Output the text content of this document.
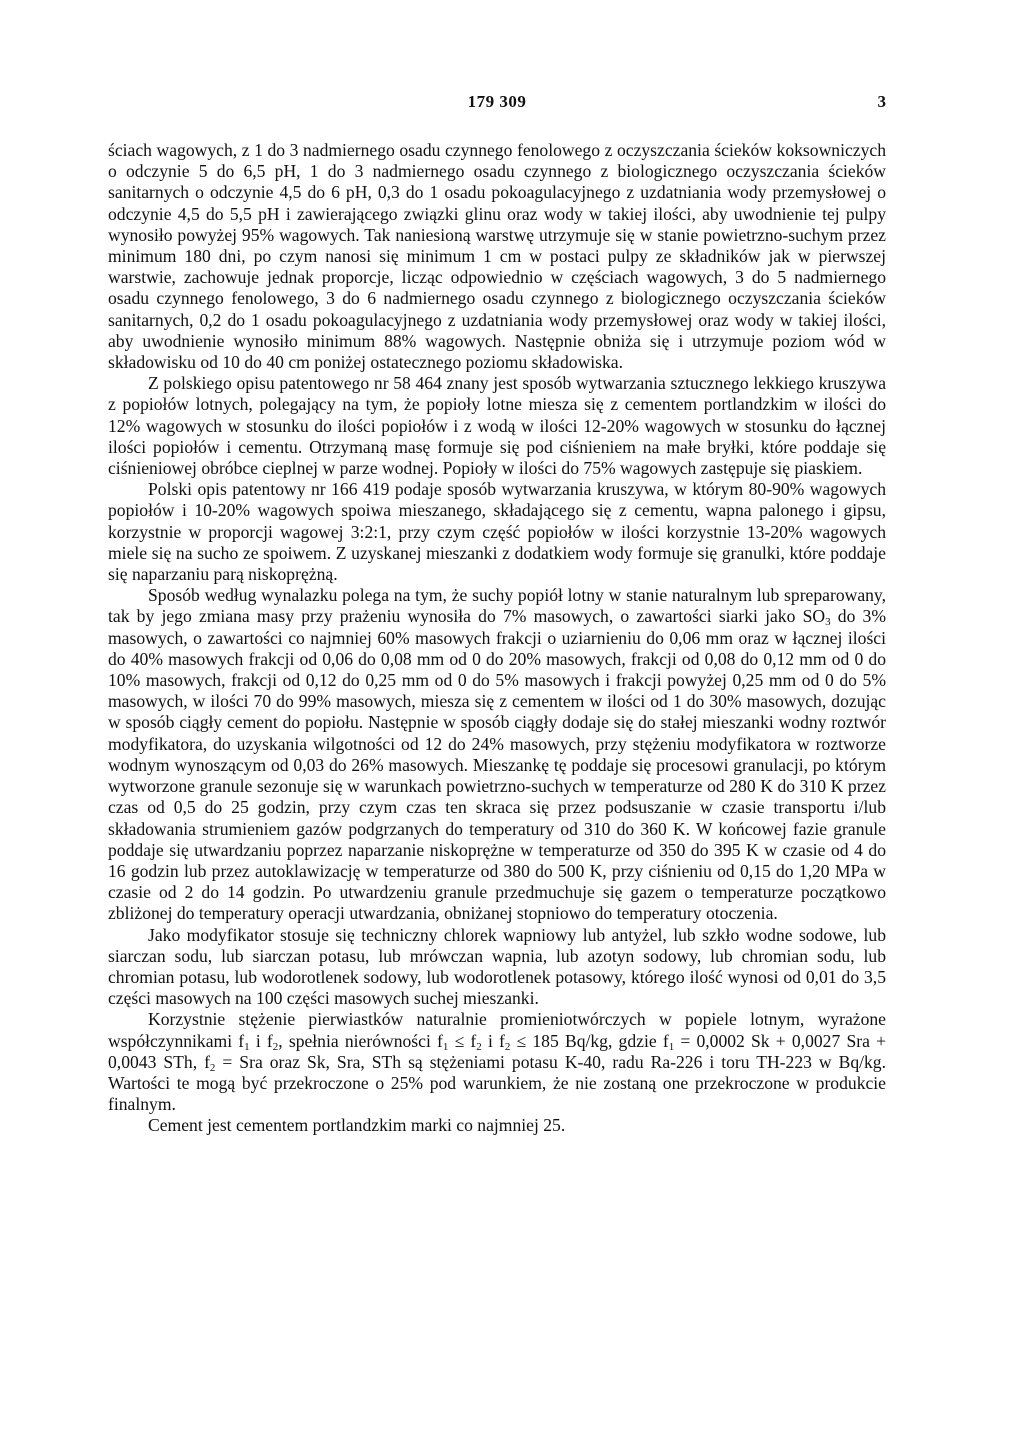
179 309	3

ściach wagowych, z 1 do 3 nadmiernego osadu czynnego fenolowego z oczyszczania ścieków koksowniczych o odczynie 5 do 6,5 pH, 1 do 3 nadmiernego osadu czynnego z biologicznego oczyszczania ścieków sanitarnych o odczynie 4,5 do 6 pH, 0,3 do 1 osadu pokoagulacyjnego z uzdatniania wody przemysłowej o odczynie 4,5 do 5,5 pH i zawierającego związki glinu oraz wody w takiej ilości, aby uwodnienie tej pulpy wynosiło powyżej 95% wagowych. Tak naniesioną warstwę utrzymuje się w stanie powietrzno-suchym przez minimum 180 dni, po czym nanosi się minimum 1 cm w postaci pulpy ze składników jak w pierwszej warstwie, zachowuje jednak proporcje, licząc odpowiednio w częściach wagowych, 3 do 5 nadmiernego osadu czynnego fenolowego, 3 do 6 nadmiernego osadu czynnego z biologicznego oczyszczania ścieków sanitarnych, 0,2 do 1 osadu pokoagulacyjnego z uzdatniania wody przemysłowej oraz wody w takiej ilości, aby uwodnienie wynosiło minimum 88% wagowych. Następnie obniża się i utrzymuje poziom wód w składowisku od 10 do 40 cm poniżej ostatecznego poziomu składowiska.

Z polskiego opisu patentowego nr 58 464 znany jest sposób wytwarzania sztucznego lekkiego kruszywa z popiołów lotnych, polegający na tym, że popioły lotne miesza się z cementem portlandzkim w ilości do 12% wagowych w stosunku do ilości popiołów i z wodą w ilości 12-20% wagowych w stosunku do łącznej ilości popiołów i cementu. Otrzymaną masę formuje się pod ciśnieniem na małe bryłki, które poddaje się ciśnieniowej obróbce cieplnej w parze wodnej. Popioły w ilości do 75% wagowych zastępuje się piaskiem.

Polski opis patentowy nr 166 419 podaje sposób wytwarzania kruszywa, w którym 80-90% wagowych popiołów i 10-20% wagowych spoiwa mieszanego, składającego się z cementu, wapna palonego i gipsu, korzystnie w proporcji wagowej 3:2:1, przy czym część popiołów w ilości korzystnie 13-20% wagowych miele się na sucho ze spoiwem. Z uzyskanej mieszanki z dodatkiem wody formuje się granulki, które poddaje się naparzaniu parą niskoprężną.

Sposób według wynalazku polega na tym, że suchy popiół lotny w stanie naturalnym lub spreparowany, tak by jego zmiana masy przy prażeniu wynosiła do 7% masowych, o zawartości siarki jako $SO_3$ do 3% masowych, o zawartości co najmniej 60% masowych frakcji o uziarnieniu do 0,06 mm oraz w łącznej ilości do 40% masowych frakcji od 0,06 do 0,08 mm od 0 do 20% masowych, frakcji od 0,08 do 0,12 mm od 0 do 10% masowych, frakcji od 0,12 do 0,25 mm od 0 do 5% masowych i frakcji powyżej 0,25 mm od 0 do 5% masowych, w ilości 70 do 99% masowych, miesza się z cementem w ilości od 1 do 30% masowych, dozując w sposób ciągły cement do popiołu. Następnie w sposób ciągły dodaje się do stałej mieszanki wodny roztwór modyfikatora, do uzyskania wilgotności od 12 do 24% masowych, przy stężeniu modyfikatora w roztworze wodnym wynoszącym od 0,03 do 26% masowych. Mieszankę tę poddaje się procesowi granulacji, po którym wytworzone granule sezonuje się w warunkach powietrzno-suchych w temperaturze od 280 K do 310 K przez czas od 0,5 do 25 godzin, przy czym czas ten skraca się przez podsuszanie w czasie transportu i/lub składowania strumieniem gazów podgrzanych do temperatury od 310 do 360 K. W końcowej fazie granule poddaje się utwardzaniu poprzez naparzanie niskoprężne w temperaturze od 350 do 395 K w czasie od 4 do 16 godzin lub przez autoklawizację w temperaturze od 380 do 500 K, przy ciśnieniu od 0,15 do 1,20 MPa w czasie od 2 do 14 godzin. Po utwardzeniu granule przedmuchuje się gazem o temperaturze początkowo zbliżonej do temperatury operacji utwardzania, obniżanej stopniowo do temperatury otoczenia.

Jako modyfikator stosuje się techniczny chlorek wapniowy lub antyżel, lub szkło wodne sodowe, lub siarczan sodu, lub siarczan potasu, lub mrówczan wapnia, lub azotyn sodowy, lub chromian sodu, lub chromian potasu, lub wodorotlenek sodowy, lub wodorotlenek potasowy, którego ilość wynosi od 0,01 do 3,5 części masowych na 100 części masowych suchej mieszanki.

Korzystnie stężenie pierwiastków naturalnie promieniotwórczych w popiele lotnym, wyrażone współczynnikami $f_1$ i $f_2$, spełnia nierówności $f_1 \le f_2$ i $f_2 \le 185$ Bq/kg, gdzie $f_1 = 0,0002$ Sk + 0,0027 Sra + 0,0043 STh, $f_2$ = Sra oraz Sk, Sra, STh są stężeniami potasu K-40, radu Ra-226 i toru TH-223 w Bq/kg. Wartości te mogą być przekroczone o 25% pod warunkiem, że nie zostaną one przekroczone w produkcie finalnym.

Cement jest cementem portlandzkim marki co najmniej 25.
